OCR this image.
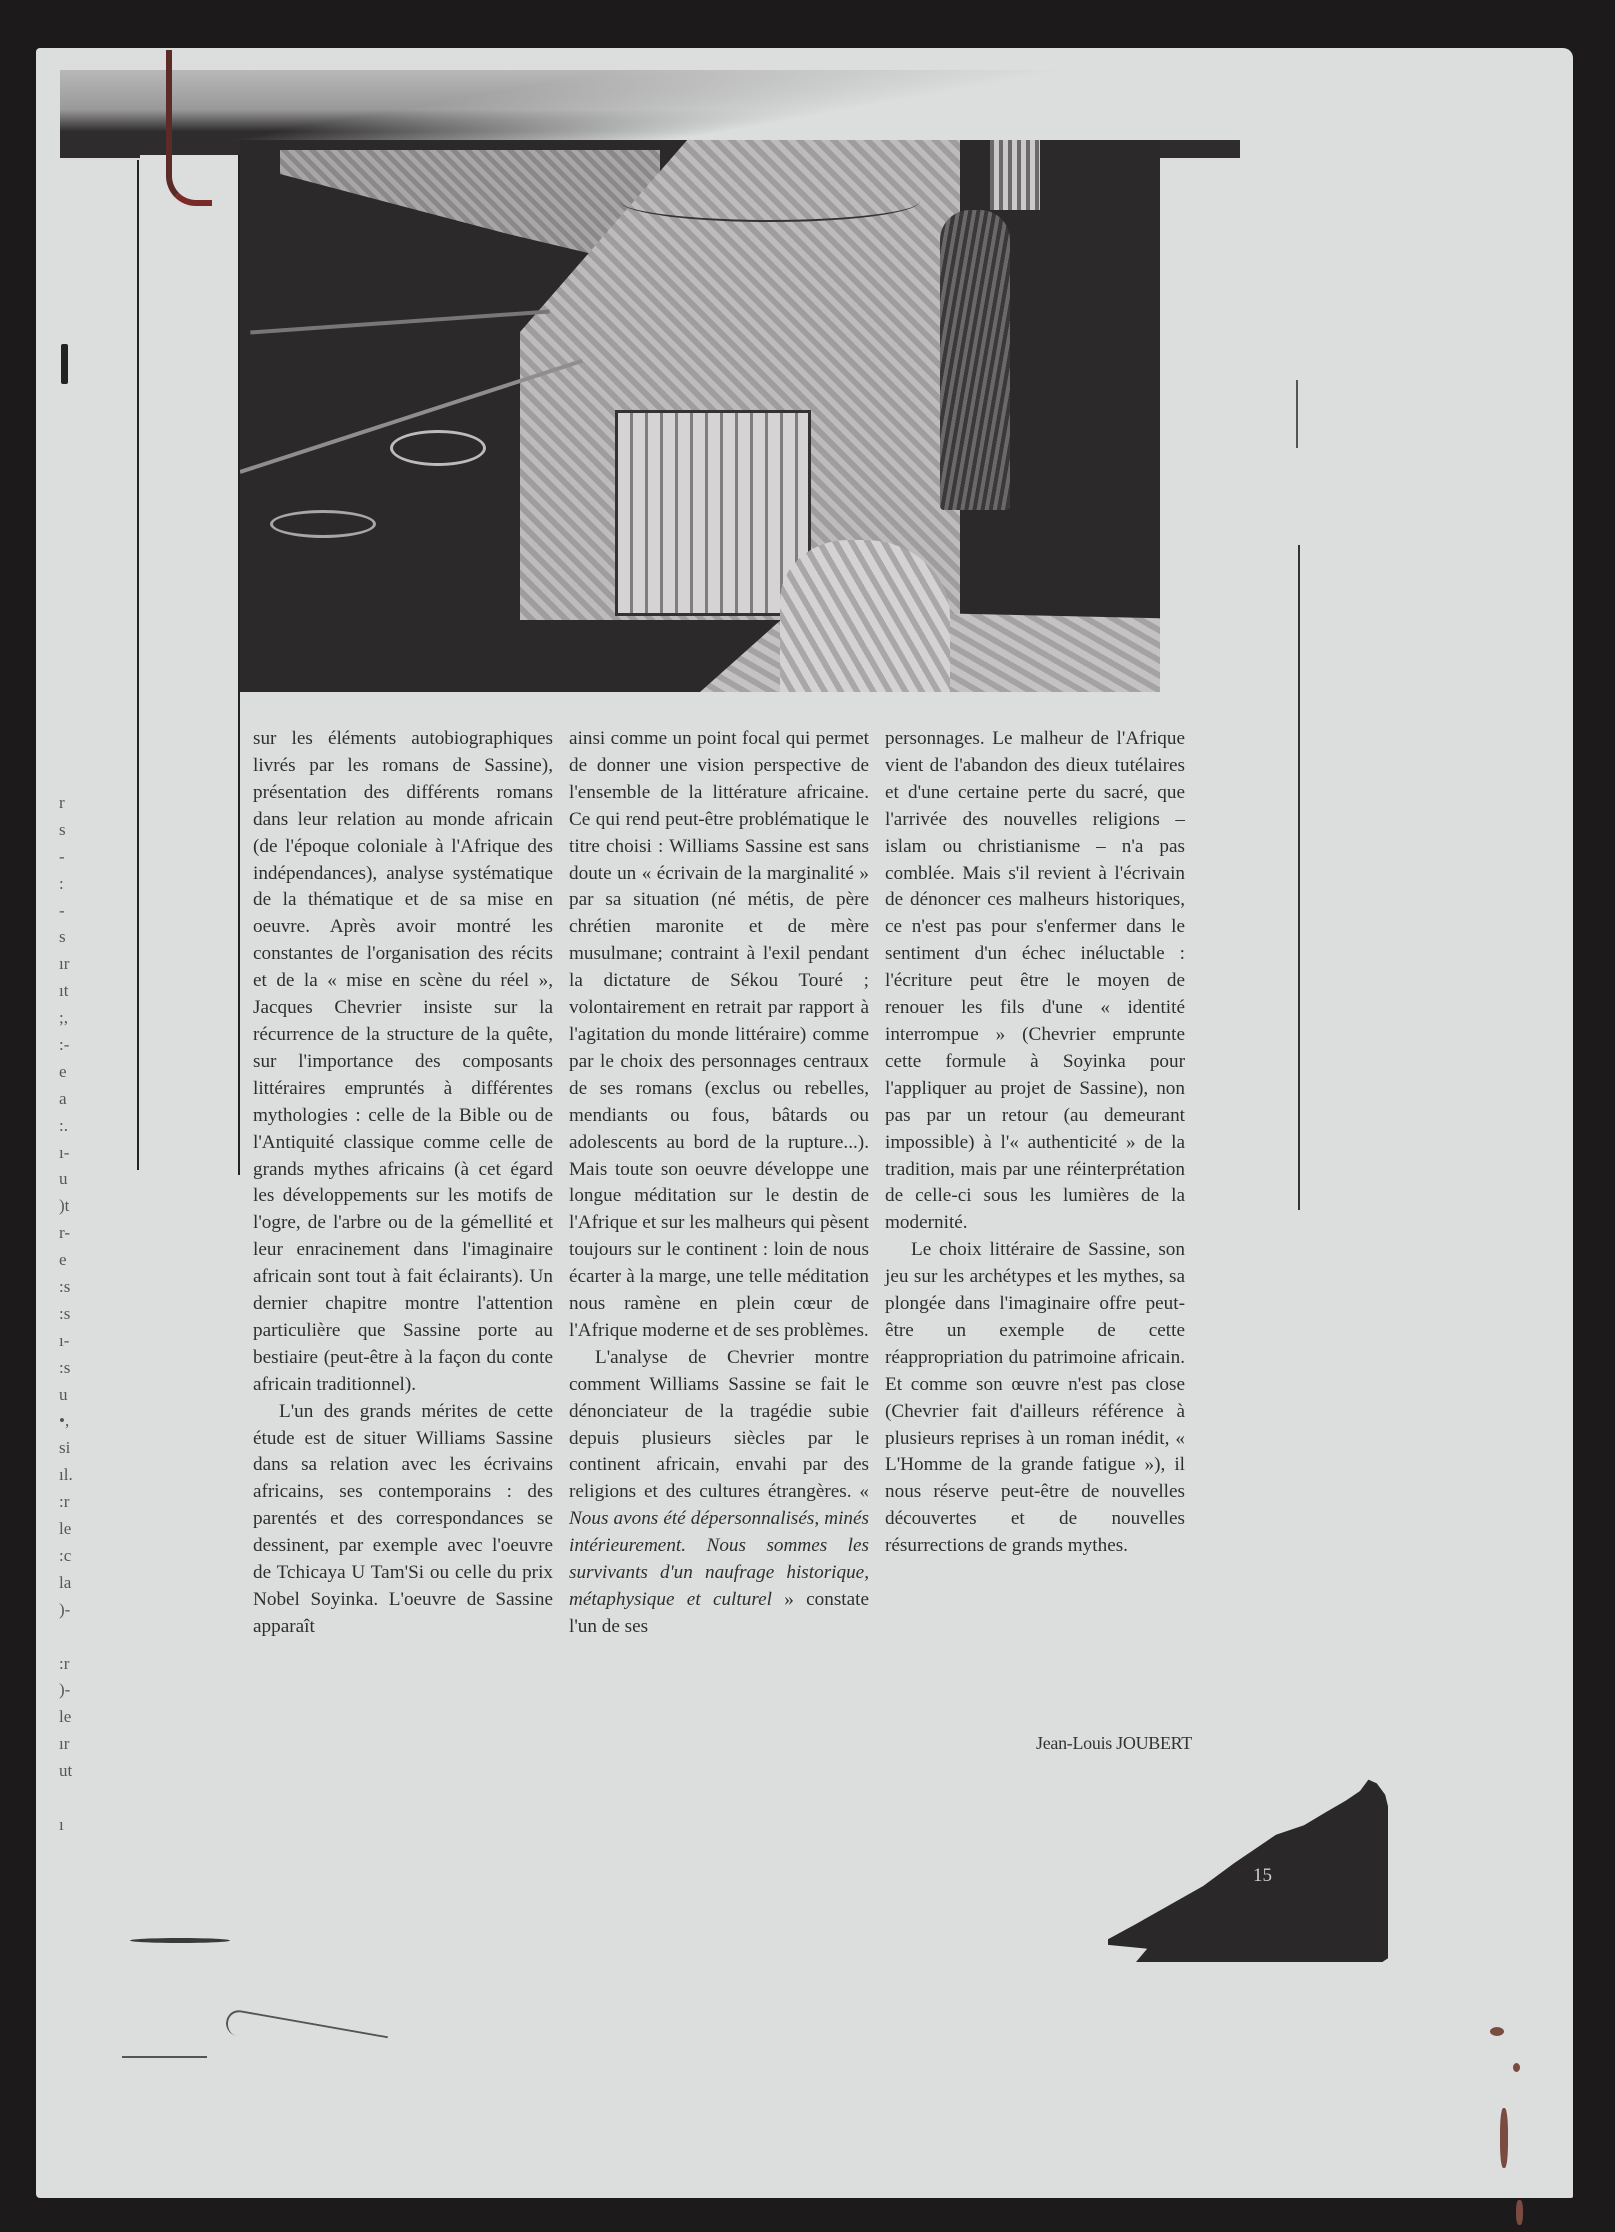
r
s
-
:
-
s
ır
ıt
;,
:-
e
a
:.
ı-
u
)t
r-
e
:s
:s
ı-
:s
u
•,
si
ıl.
:r
le
:c
la
)-
:r
)-
le
ır
ut
ı

sur les éléments autobiographiques livrés par les romans de Sassine), présentation des différents romans dans leur relation au monde africain (de l'époque coloniale à l'Afrique des indépendances), analyse systématique de la thématique et de sa mise en oeuvre. Après avoir montré les constantes de l'organisation des récits et de la « mise en scène du réel », Jacques Chevrier insiste sur la récurrence de la structure de la quête, sur l'importance des composants littéraires empruntés à différentes mythologies : celle de la Bible ou de l'Antiquité classique comme celle de grands mythes africains (à cet égard les développements sur les motifs de l'ogre, de l'arbre ou de la gémellité et leur enracinement dans l'imaginaire africain sont tout à fait éclairants). Un dernier chapitre montre l'attention particulière que Sassine porte au bestiaire (peut-être à la façon du conte africain traditionnel).

L'un des grands mérites de cette étude est de situer Williams Sassine dans sa relation avec les écrivains africains, ses contemporains : des parentés et des correspondances se dessinent, par exemple avec l'oeuvre de Tchicaya U Tam'Si ou celle du prix Nobel Soyinka. L'oeuvre de Sassine apparaît

ainsi comme un point focal qui permet de donner une vision perspective de l'ensemble de la littérature africaine. Ce qui rend peut-être problématique le titre choisi : Williams Sassine est sans doute un « écrivain de la marginalité » par sa situation (né métis, de père chrétien maronite et de mère musulmane; contraint à l'exil pendant la dictature de Sékou Touré ; volontairement en retrait par rapport à l'agitation du monde littéraire) comme par le choix des personnages centraux de ses romans (exclus ou rebelles, mendiants ou fous, bâtards ou adolescents au bord de la rupture...). Mais toute son oeuvre développe une longue méditation sur le destin de l'Afrique et sur les malheurs qui pèsent toujours sur le continent : loin de nous écarter à la marge, une telle méditation nous ramène en plein cœur de l'Afrique moderne et de ses problèmes.

L'analyse de Chevrier montre comment Williams Sassine se fait le dénonciateur de la tragédie subie depuis plusieurs siècles par le continent africain, envahi par des religions et des cultures étrangères. « Nous avons été dépersonnalisés, minés intérieurement. Nous sommes les survivants d'un naufrage historique, métaphysique et culturel » constate l'un de ses

personnages. Le malheur de l'Afrique vient de l'abandon des dieux tutélaires et d'une certaine perte du sacré, que l'arrivée des nouvelles religions – islam ou christianisme – n'a pas comblée. Mais s'il revient à l'écrivain de dénoncer ces malheurs historiques, ce n'est pas pour s'enfermer dans le sentiment d'un échec inéluctable : l'écriture peut être le moyen de renouer les fils d'une « identité interrompue » (Chevrier emprunte cette formule à Soyinka pour l'appliquer au projet de Sassine), non pas par un retour (au demeurant impossible) à l'« authenticité » de la tradition, mais par une réinterprétation de celle-ci sous les lumières de la modernité.

Le choix littéraire de Sassine, son jeu sur les archétypes et les mythes, sa plongée dans l'imaginaire offre peut-être un exemple de cette réappropriation du patrimoine africain. Et comme son œuvre n'est pas close (Chevrier fait d'ailleurs référence à plusieurs reprises à un roman inédit, « L'Homme de la grande fatigue »), il nous réserve peut-être de nouvelles découvertes et de nouvelles résurrections de grands mythes.

Jean-Louis JOUBERT
15
